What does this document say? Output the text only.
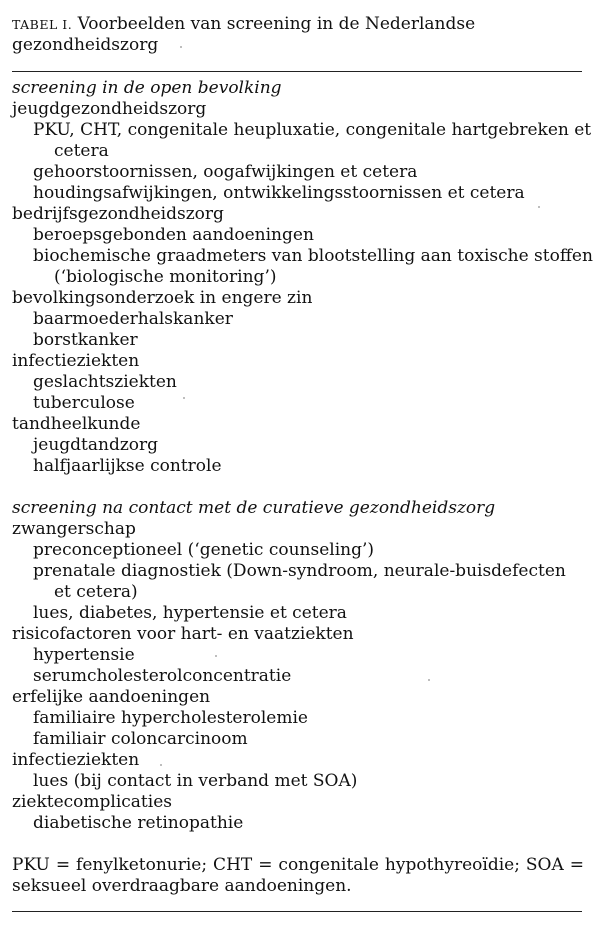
TABEL I. Voorbeelden van screening in de Nederlandse gezondheidszorg
screening in de open bevolking
jeugdgezondheidszorg
PKU, CHT, congenitale heupluxatie, congenitale hartgebreken et
cetera
gehoorstoornissen, oogafwijkingen et cetera
houdingsafwijkingen, ontwikkelingsstoornissen et cetera
bedrijfsgezondheidszorg
beroepsgebonden aandoeningen
biochemische graadmeters van blootstelling aan toxische stoffen
(‘biologische monitoring’)
bevolkingsonderzoek in engere zin
baarmoederhalskanker
borstkanker
infectieziekten
geslachtsziekten
tuberculose
tandheelkunde
jeugdtandzorg
halfjaarlijkse controle
screening na contact met de curatieve gezondheidszorg
zwangerschap
preconceptioneel (‘genetic counseling’)
prenatale diagnostiek (Down-syndroom, neurale-buisdefecten
et cetera)
lues, diabetes, hypertensie et cetera
risicofactoren voor hart- en vaatziekten
hypertensie
serumcholesterolconcentratie
erfelijke aandoeningen
familiaire hypercholesterolemie
familiair coloncarcinoom
infectieziekten
lues (bij contact in verband met SOA)
ziektecomplicaties
diabetische retinopathie
PKU = fenylketonurie; CHT = congenitale hypothyreoïdie; SOA = seksueel overdraagbare aandoeningen.
